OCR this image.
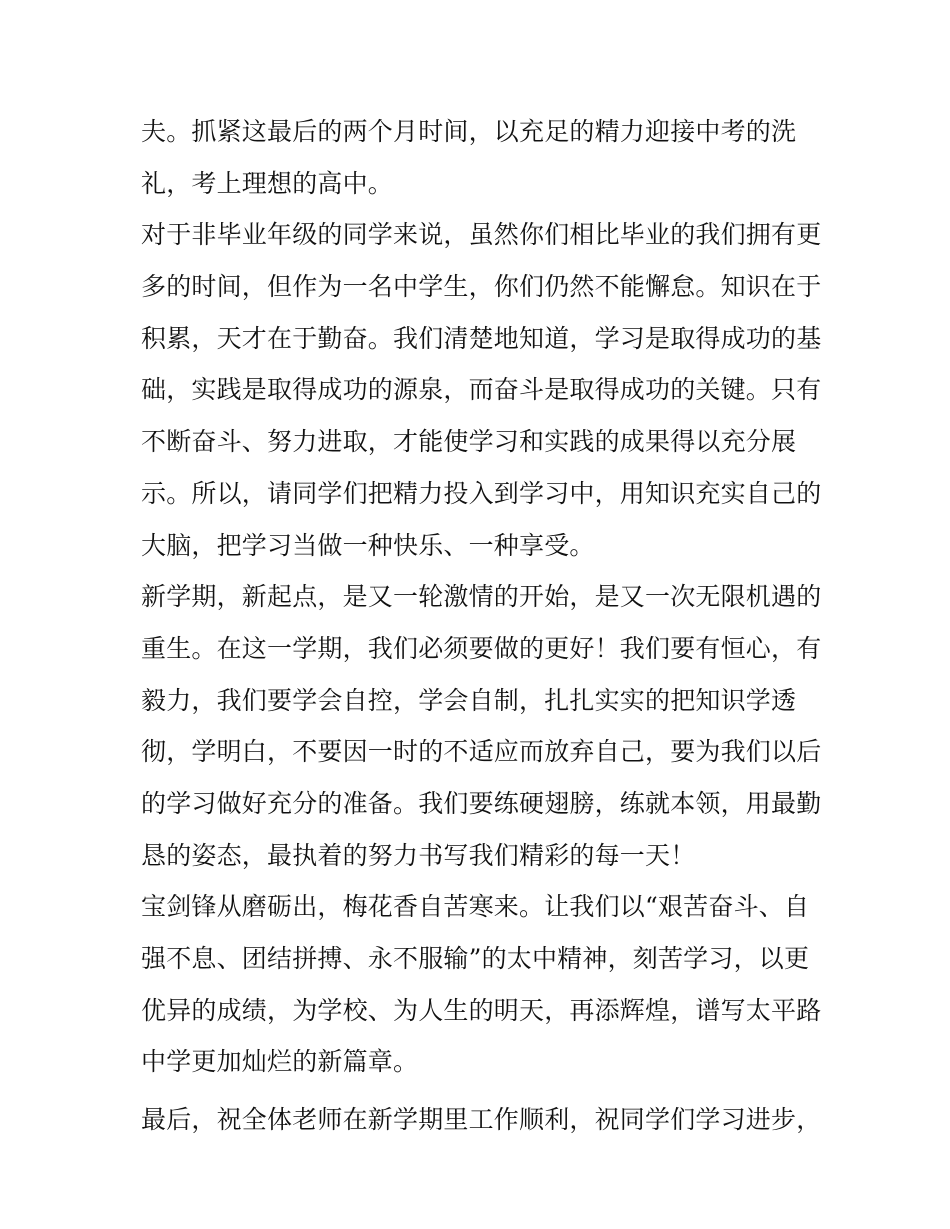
夫。抓紧这最后的两个月时间，以充足的精力迎接中考的洗
礼，考上理想的高中。
对于非毕业年级的同学来说，虽然你们相比毕业的我们拥有更
多的时间，但作为一名中学生，你们仍然不能懈怠。知识在于
积累，天才在于勤奋。我们清楚地知道，学习是取得成功的基
础，实践是取得成功的源泉，而奋斗是取得成功的关键。只有
不断奋斗、努力进取，才能使学习和实践的成果得以充分展
示。所以，请同学们把精力投入到学习中，用知识充实自己的
大脑，把学习当做一种快乐、一种享受。
新学期，新起点，是又一轮激情的开始，是又一次无限机遇的
重生。在这一学期，我们必须要做的更好！我们要有恒心，有
毅力，我们要学会自控，学会自制，扎扎实实的把知识学透
彻，学明白，不要因一时的不适应而放弃自己，要为我们以后
的学习做好充分的准备。我们要练硬翅膀，练就本领，用最勤
恳的姿态，最执着的努力书写我们精彩的每一天！
宝剑锋从磨砺出，梅花香自苦寒来。让我们以“艰苦奋斗、自
强不息、团结拼搏、永不服输”的太中精神，刻苦学习，以更
优异的成绩，为学校、为人生的明天，再添辉煌，谱写太平路
中学更加灿烂的新篇章。
最后，祝全体老师在新学期里工作顺利，祝同学们学习进步，
